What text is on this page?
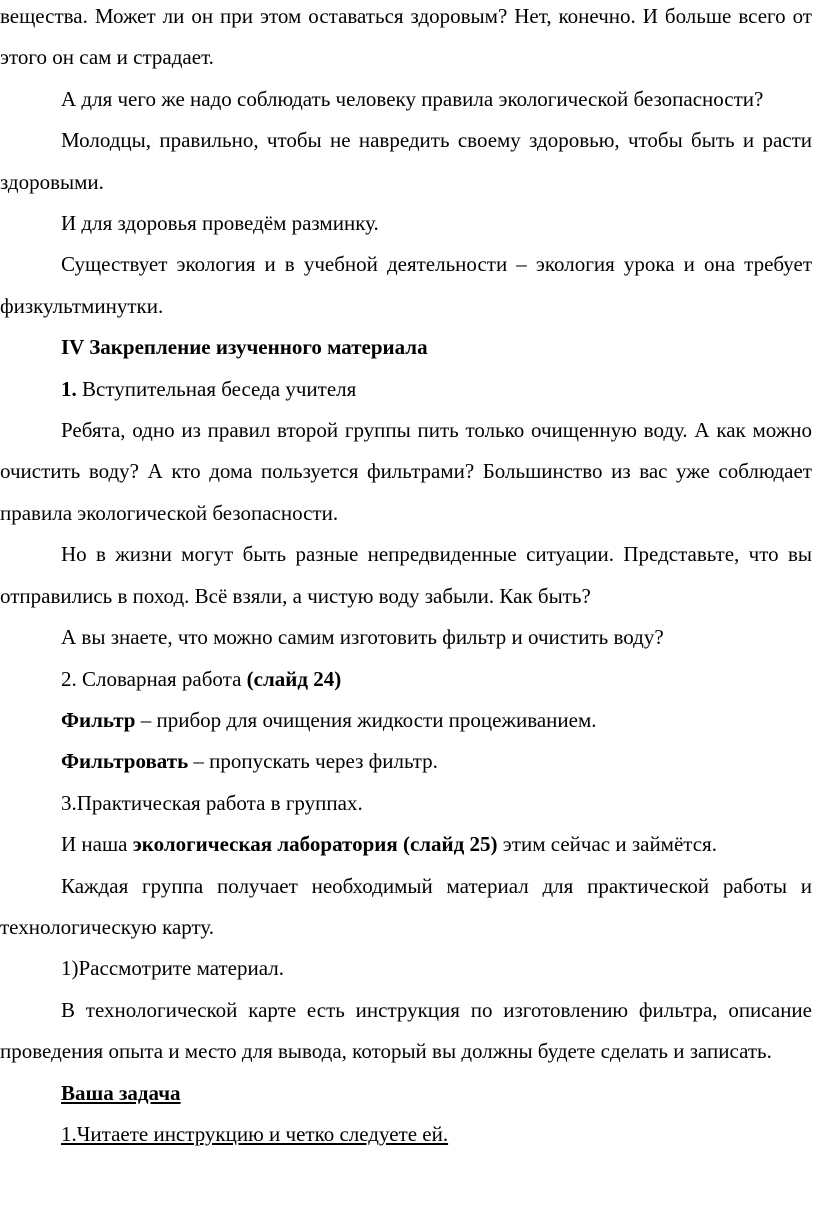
вещества. Может ли он при этом оставаться здоровым? Нет, конечно. И больше всего от этого он сам и страдает.

А для чего же надо соблюдать человеку правила экологической безопасности?

Молодцы, правильно, чтобы не навредить своему здоровью, чтобы быть и расти здоровыми.

И для здоровья проведём разминку.

Существует экология и в учебной деятельности – экология урока и она требует физкультминутки.

IV Закрепление изученного материала

1. Вступительная беседа учителя

Ребята, одно из правил второй группы пить только очищенную воду. А как можно очистить воду? А кто дома пользуется фильтрами? Большинство из вас уже соблюдает правила экологической безопасности.

Но в жизни могут быть разные непредвиденные ситуации. Представьте, что вы отправились в поход. Всё взяли, а чистую воду забыли. Как быть?

А вы знаете, что можно самим изготовить фильтр и очистить воду?

2. Словарная работа (слайд 24)

Фильтр – прибор для очищения жидкости процеживанием.

Фильтровать – пропускать через фильтр.

3.Практическая работа в группах.

И наша экологическая лаборатория (слайд 25) этим сейчас и займётся.

Каждая группа получает необходимый материал для практической работы и технологическую карту.

1)Рассмотрите материал.

В технологической карте есть инструкция по изготовлению фильтра, описание проведения опыта и место для вывода, который вы должны будете сделать и записать.

Ваша задача

1.Читаете инструкцию и четко следуете ей.
